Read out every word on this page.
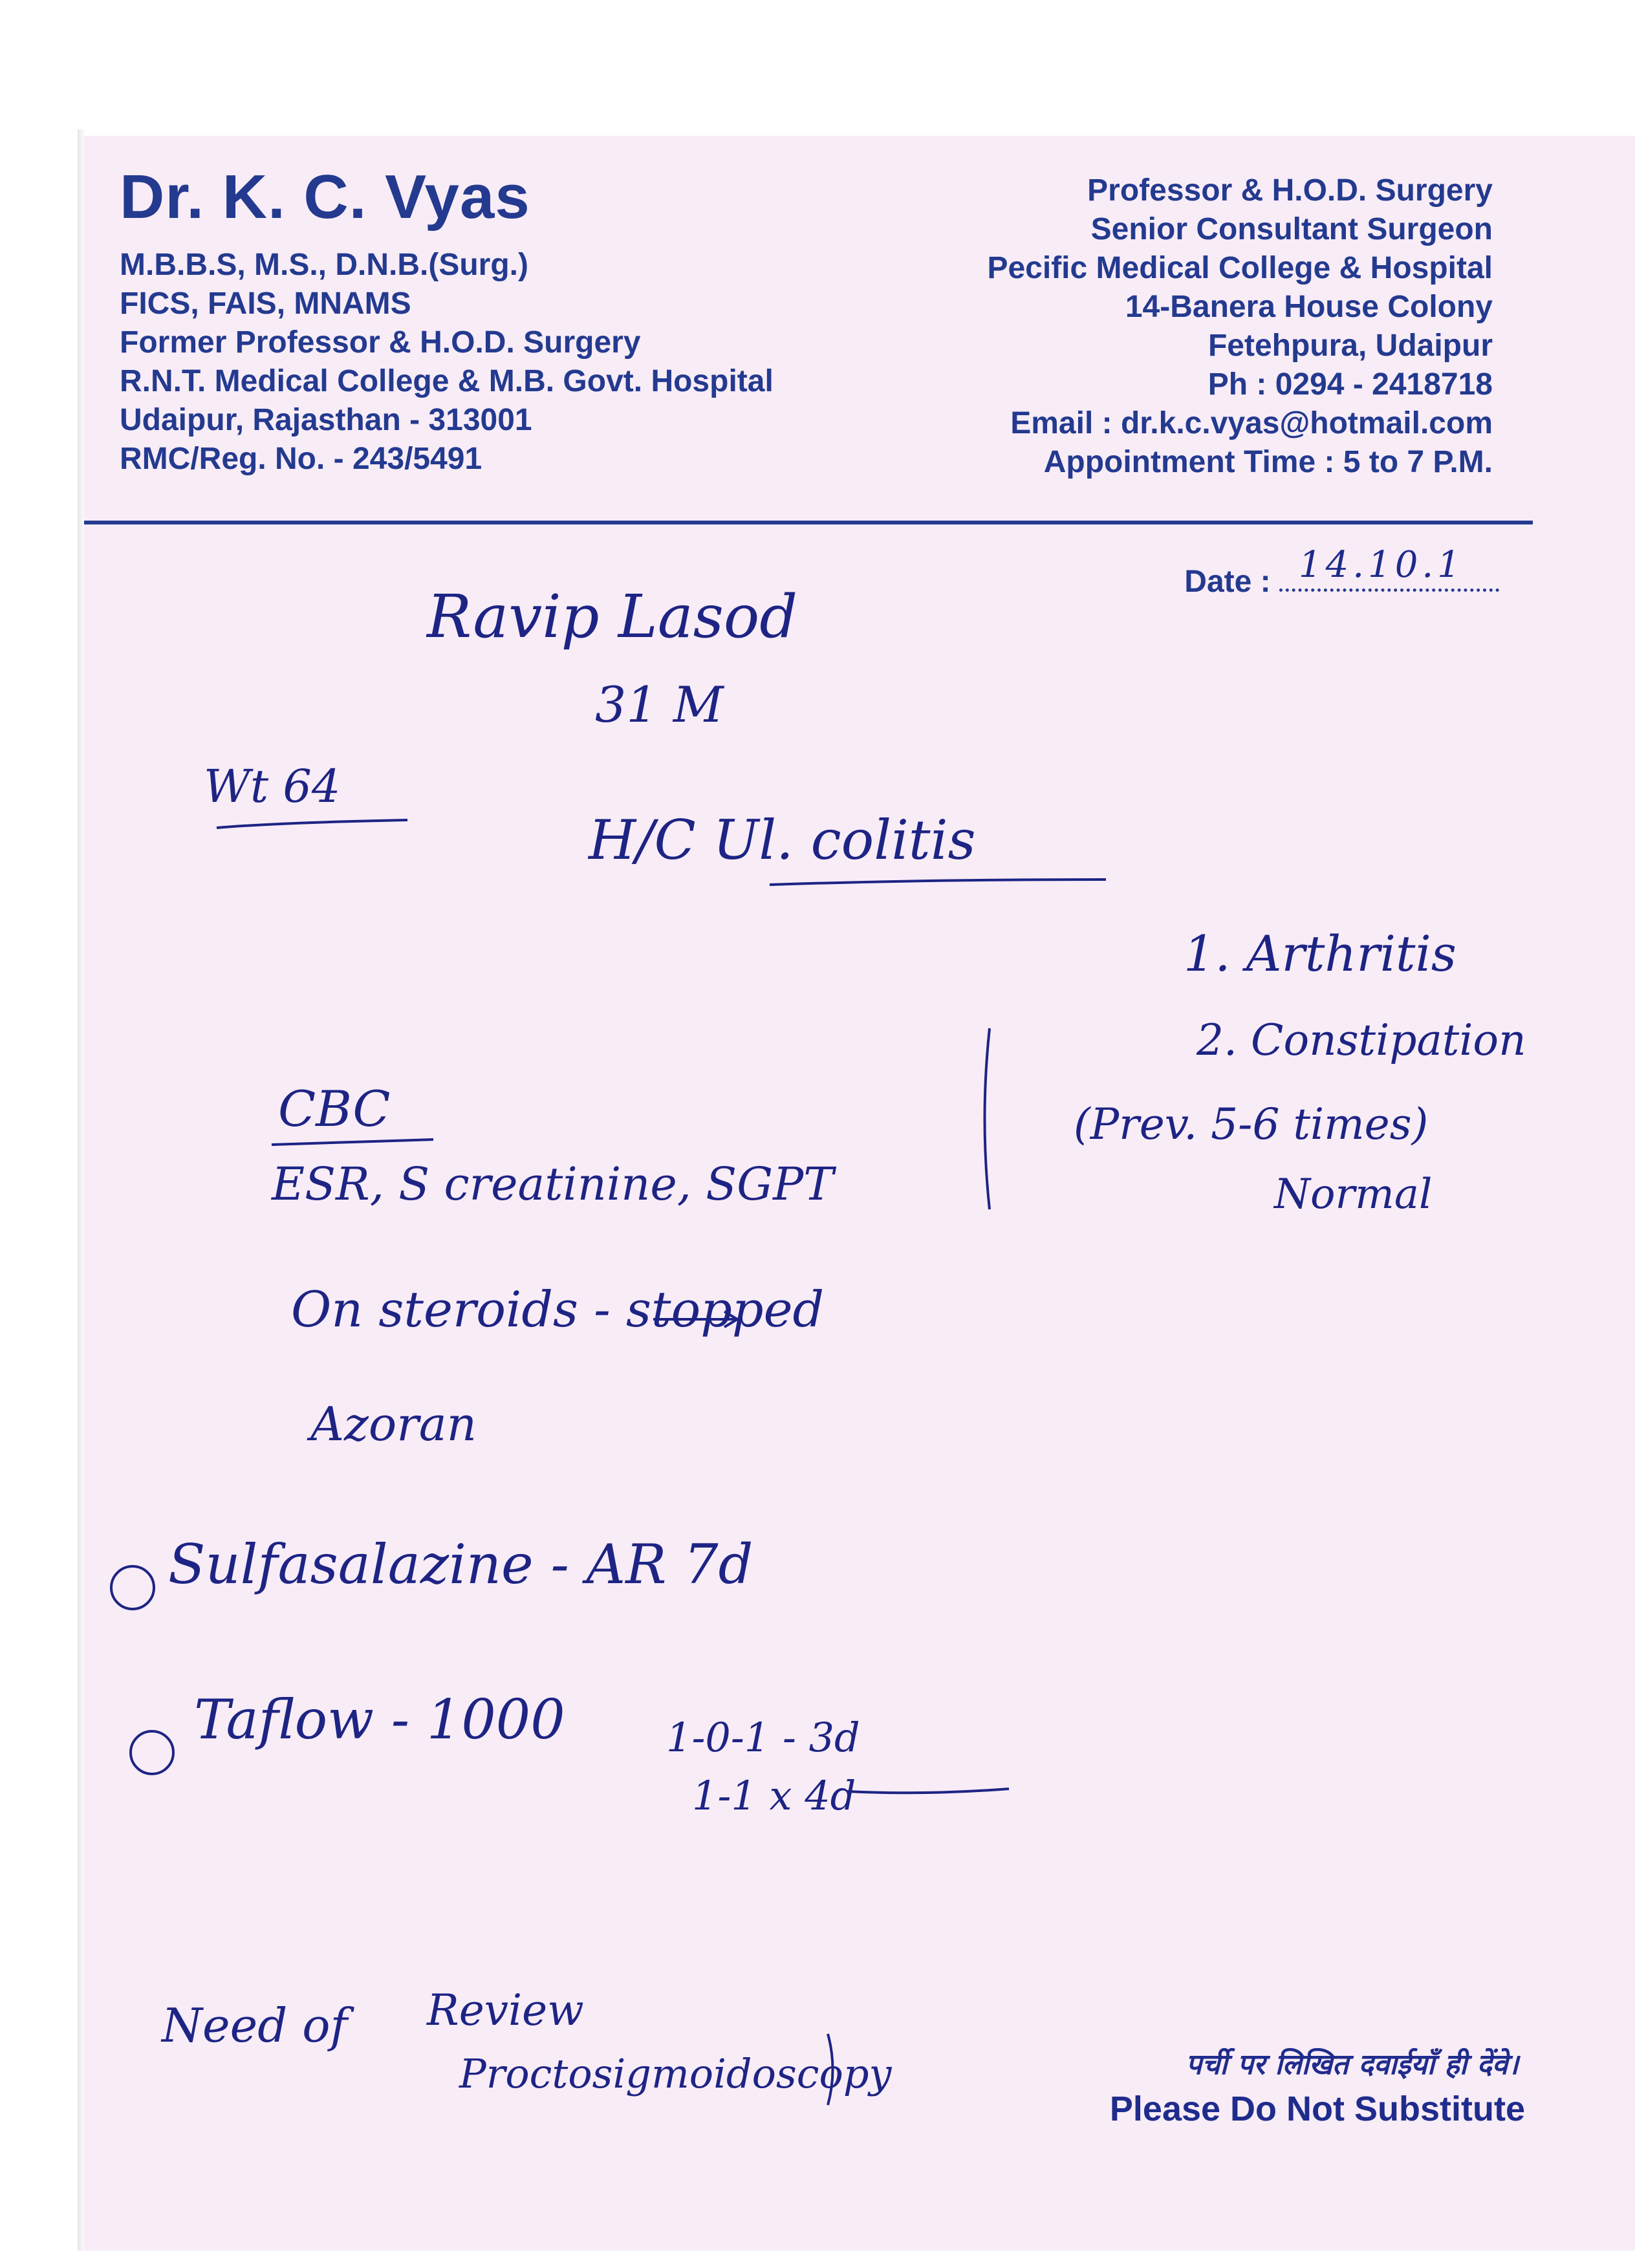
Dr. K. C. Vyas
M.B.B.S, M.S., D.N.B.(Surg.)
FICS, FAIS, MNAMS
Former Professor & H.O.D. Surgery
R.N.T. Medical College & M.B. Govt. Hospital
Udaipur, Rajasthan - 313001
RMC/Reg. No. - 243/5491
Professor & H.O.D. Surgery
Senior Consultant Surgeon
Pecific Medical College & Hospital
14-Banera House Colony
Fetehpura, Udaipur
Ph : 0294 - 2418718
Email : dr.k.c.vyas@hotmail.com
Appointment Time : 5 to 7 P.M.
Date : 14.10.1
Ravip Lasod
31 M
Wt 64
H/C Ul. colitis
1. Arthritis
2. Constipation
(Prev. 5-6 times)
Normal
CBC
ESR, S creatinine, SGPT
On steroids - stopped
Azoran
Sulfasalazine - AR 7d
Taflow - 1000	1-0-1 - 3d
1-1 x 4d
Need of Review
Proctosigmoidoscopy	पर्ची पर लिखित दवाईयाँ ही देंवे।
Please Do Not Substitute
